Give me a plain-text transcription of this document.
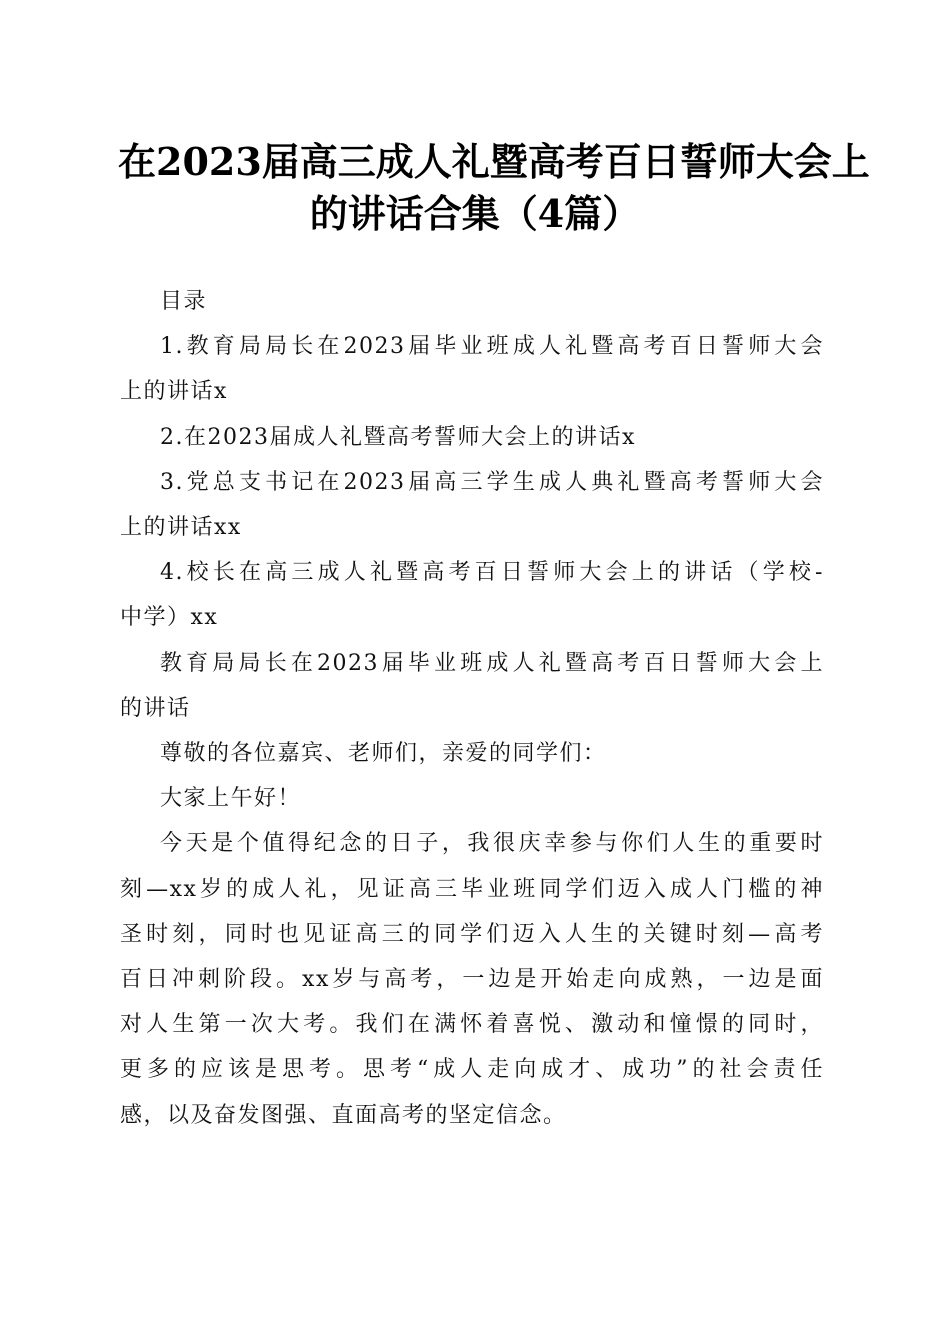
在2023届高三成人礼暨高考百日誓师大会上
的讲话合集（4篇）

目录

1.教育局局长在2023届毕业班成人礼暨高考百日誓师大会
上的讲话x

2.在2023届成人礼暨高考誓师大会上的讲话x

3.党总支书记在2023届高三学生成人典礼暨高考誓师大会
上的讲话xx

4.校长在高三成人礼暨高考百日誓师大会上的讲话（学校-
中学）xx

教育局局长在2023届毕业班成人礼暨高考百日誓师大会上
的讲话

尊敬的各位嘉宾、老师们，亲爱的同学们：

大家上午好！

今天是个值得纪念的日子，我很庆幸参与你们人生的重要时
刻—xx岁的成人礼，见证高三毕业班同学们迈入成人门槛的神
圣时刻，同时也见证高三的同学们迈入人生的关键时刻—高考
百日冲刺阶段。xx岁与高考，一边是开始走向成熟，一边是面
对人生第一次大考。我们在满怀着喜悦、激动和憧憬的同时，
更多的应该是思考。思考“成人走向成才、成功”的社会责任
感，以及奋发图强、直面高考的坚定信念。
